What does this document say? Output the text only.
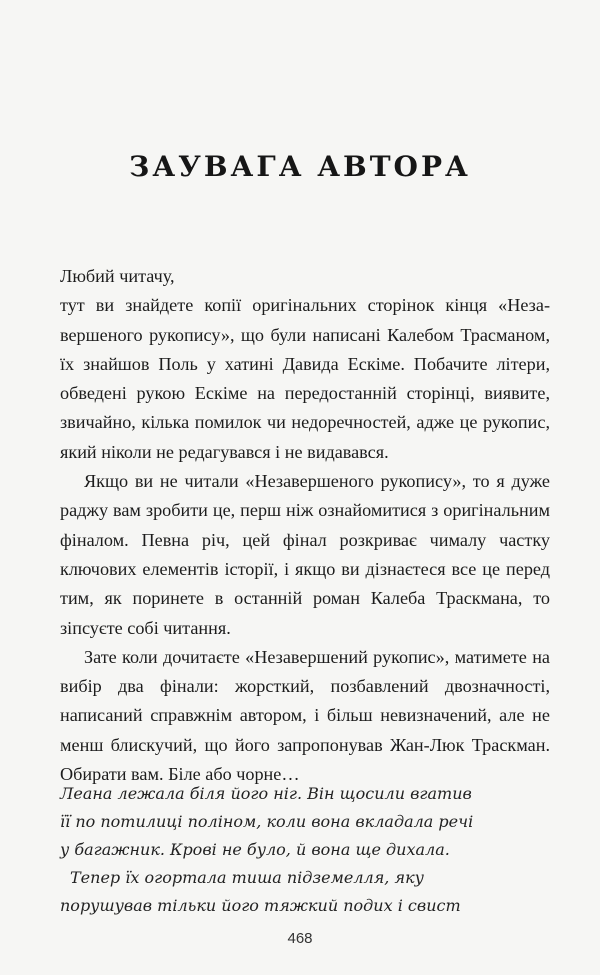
ЗАУВАГА АВТОРА

Любий читачу,

тут ви знайдете копії оригінальних сторінок кінця «Незавершеного рукопису», що були написані Калебом Трасманом, їх знайшов Поль у хатині Давида Ескіме. Побачите літери, обведені рукою Ескіме на передостанній сторінці, виявите, звичайно, кілька помилок чи недоречностей, адже це рукопис, який ніколи не редагувався і не видавався.

Якщо ви не читали «Незавершеного рукопису», то я дуже раджу вам зробити це, перш ніж ознайомитися з оригінальним фіналом. Певна річ, цей фінал розкриває чималу частку ключових елементів історії, і якщо ви дізнаєтеся все це перед тим, як поринете в останній роман Калеба Траскмана, то зіпсуєте собі читання.

Зате коли дочитаєте «Незавершений рукопис», матимете на вибір два фінали: жорсткий, позбавлений двозначності, написаний справжнім автором, і більш невизначений, але не менш блискучий, що його запропонував Жан-Люк Траскман. Обирати вам. Біле або чорне…

Леана лежала біля його ніг. Він щосили вгатив
її по потилиці поліном, коли вона вкладала речі
у багажник. Крові не було, й вона ще дихала.
Тепер їх огортала тиша підземелля, яку
порушував тільки його тяжкий подих і свист
468
